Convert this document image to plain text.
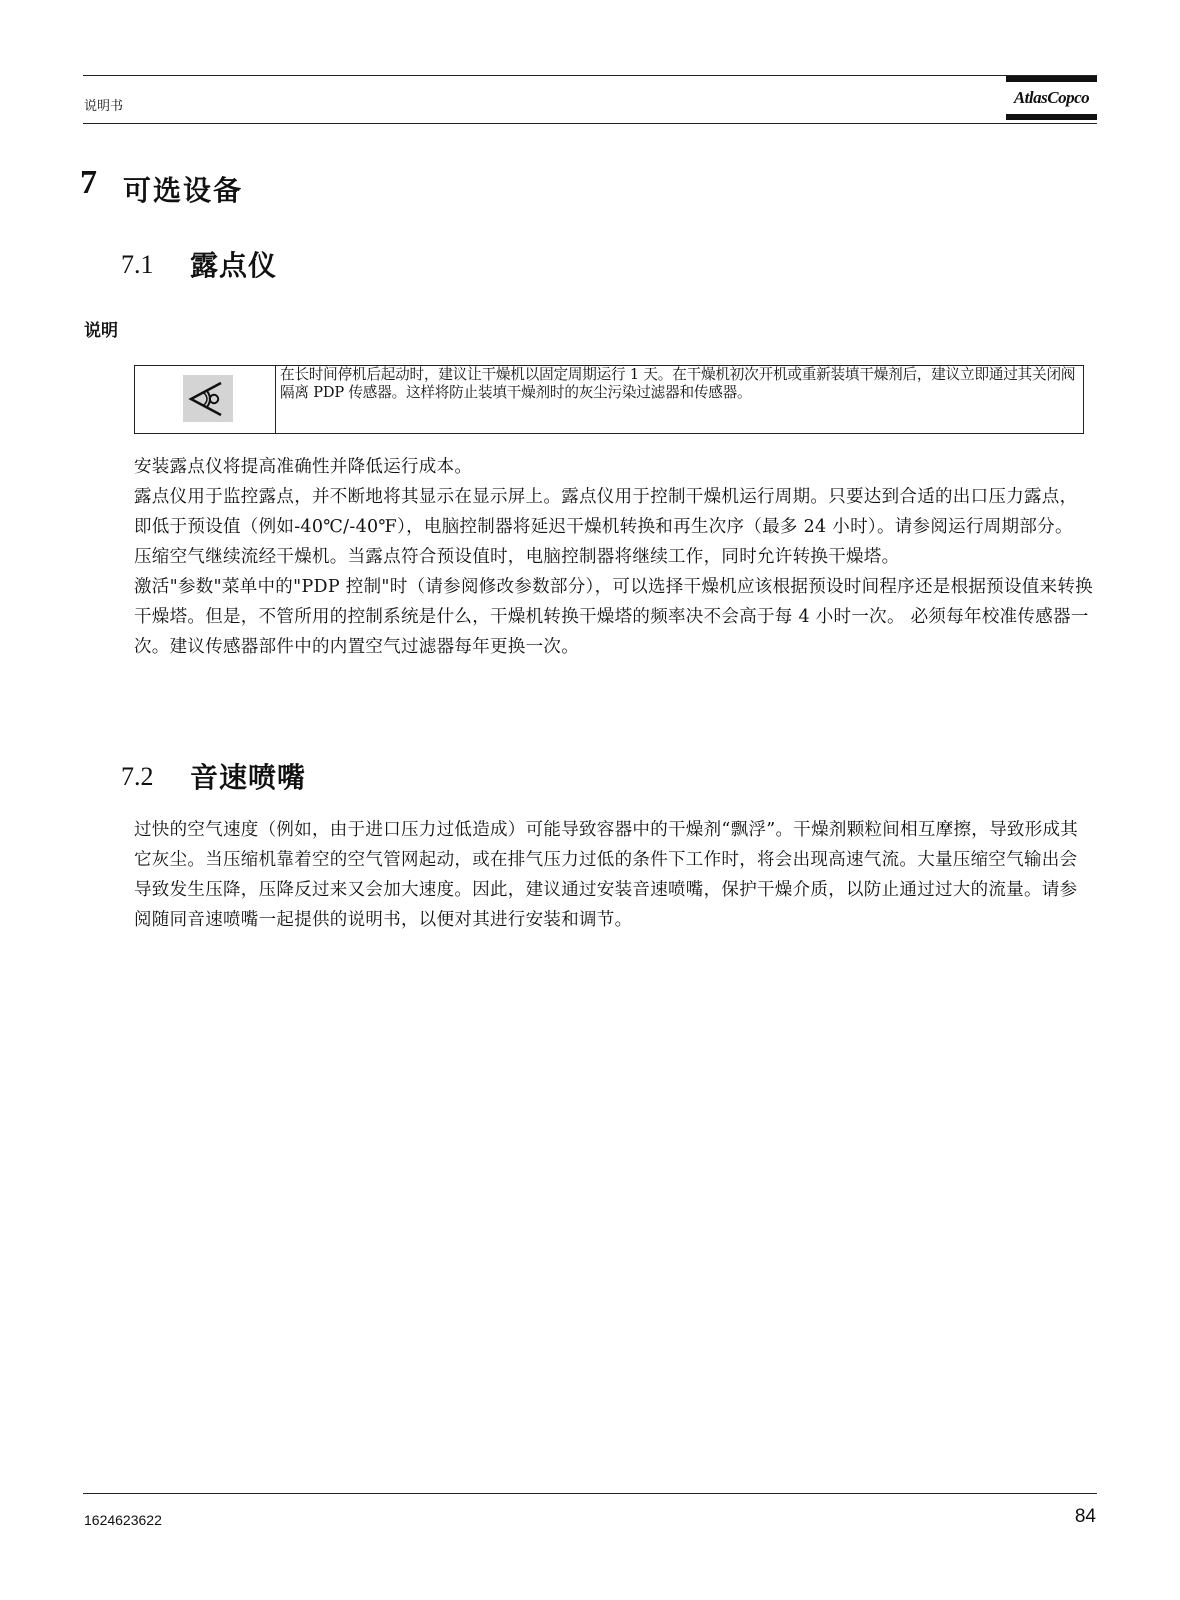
说明书	AtlasCopco
7 可选设备
7.1 露点仪
说明
在长时间停机后起动时，建议让干燥机以固定周期运行 1 天。在干燥机初次开机或重新装填干燥剂后，建议立即通过其关闭阀隔离 PDP 传感器。这样将防止装填干燥剂时的灰尘污染过滤器和传感器。

安装露点仪将提高准确性并降低运行成本。

露点仪用于监控露点，并不断地将其显示在显示屏上。露点仪用于控制干燥机运行周期。只要达到合适的出口压力露点，即低于预设值（例如-40℃/-40℉），电脑控制器将延迟干燥机转换和再生次序（最多 24 小时）。请参阅运行周期部分。

压缩空气继续流经干燥机。当露点符合预设值时，电脑控制器将继续工作，同时允许转换干燥塔。

激活"参数"菜单中的"PDP 控制"时（请参阅修改参数部分），可以选择干燥机应该根据预设时间程序还是根据预设值来转换干燥塔。但是，不管所用的控制系统是什么，干燥机转换干燥塔的频率决不会高于每 4 小时一次。 必须每年校准传感器一次。建议传感器部件中的内置空气过滤器每年更换一次。

7.2 音速喷嘴

过快的空气速度（例如，由于进口压力过低造成）可能导致容器中的干燥剂“飘浮”。干燥剂颗粒间相互摩擦，导致形成其它灰尘。当压缩机靠着空的空气管网起动，或在排气压力过低的条件下工作时，将会出现高速气流。大量压缩空气输出会导致发生压降，压降反过来又会加大速度。因此，建议通过安装音速喷嘴，保护干燥介质，以防止通过过大的流量。请参阅随同音速喷嘴一起提供的说明书，以便对其进行安装和调节。

1624623622	84
